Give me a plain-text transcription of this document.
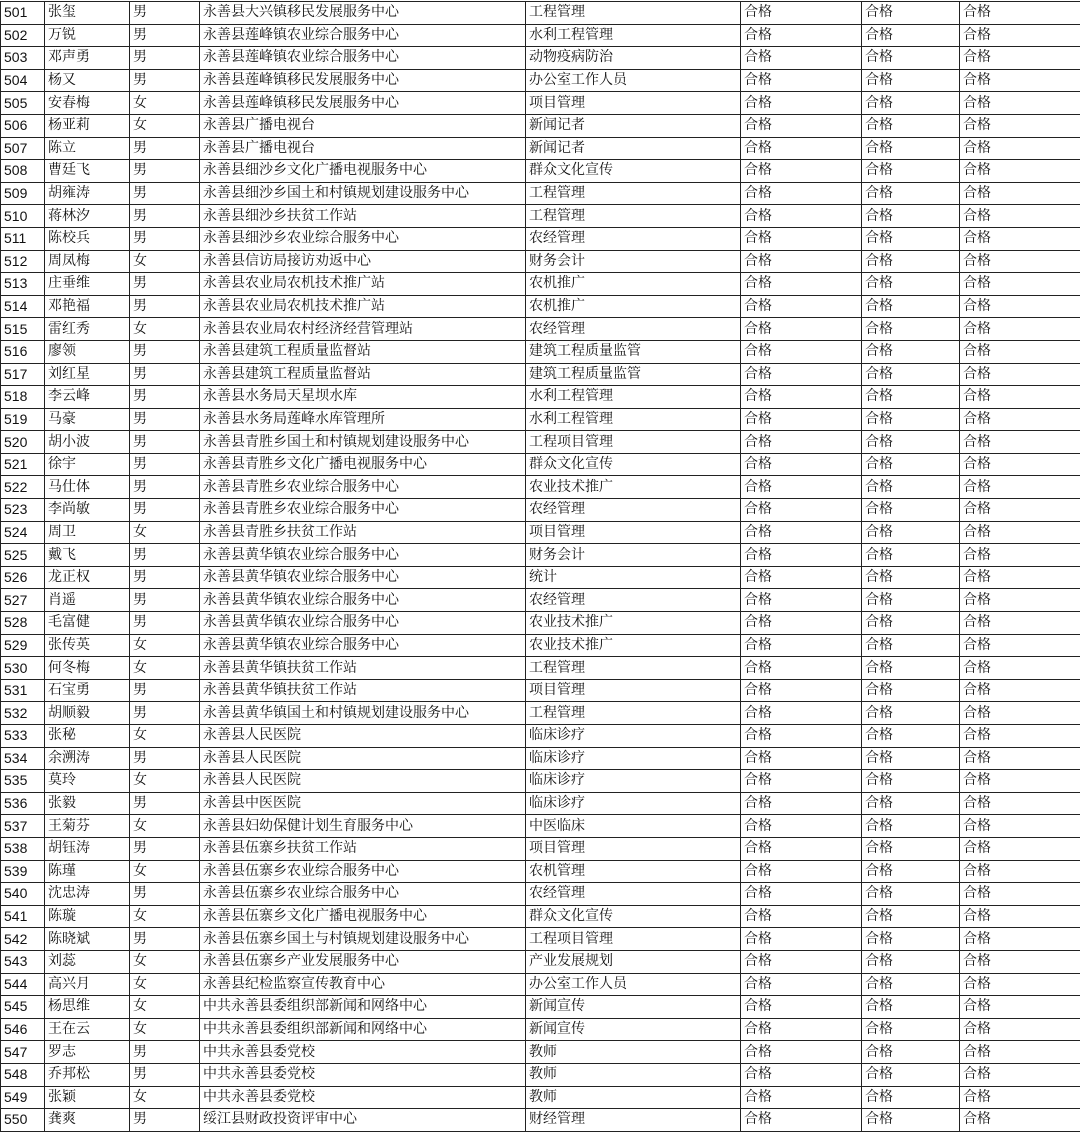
501	张玺	男	永善县大兴镇移民发展服务中心	工程管理	合格	合格	合格
502	万锐	男	永善县莲峰镇农业综合服务中心	水利工程管理	合格	合格	合格
503	邓声勇	男	永善县莲峰镇农业综合服务中心	动物疫病防治	合格	合格	合格
504	杨又	男	永善县莲峰镇移民发展服务中心	办公室工作人员	合格	合格	合格
505	安春梅	女	永善县莲峰镇移民发展服务中心	项目管理	合格	合格	合格
506	杨亚莉	女	永善县广播电视台	新闻记者	合格	合格	合格
507	陈立	男	永善县广播电视台	新闻记者	合格	合格	合格
508	曹廷飞	男	永善县细沙乡文化广播电视服务中心	群众文化宣传	合格	合格	合格
509	胡雍涛	男	永善县细沙乡国土和村镇规划建设服务中心	工程管理	合格	合格	合格
510	蒋林汐	男	永善县细沙乡扶贫工作站	工程管理	合格	合格	合格
511	陈校兵	男	永善县细沙乡农业综合服务中心	农经管理	合格	合格	合格
512	周凤梅	女	永善县信访局接访劝返中心	财务会计	合格	合格	合格
513	庄垂维	男	永善县农业局农机技术推广站	农机推广	合格	合格	合格
514	邓艳福	男	永善县农业局农机技术推广站	农机推广	合格	合格	合格
515	雷红秀	女	永善县农业局农村经济经营管理站	农经管理	合格	合格	合格
516	廖领	男	永善县建筑工程质量监督站	建筑工程质量监管	合格	合格	合格
517	刘红星	男	永善县建筑工程质量监督站	建筑工程质量监管	合格	合格	合格
518	李云峰	男	永善县水务局天星坝水库	水利工程管理	合格	合格	合格
519	马豪	男	永善县水务局莲峰水库管理所	水利工程管理	合格	合格	合格
520	胡小波	男	永善县青胜乡国土和村镇规划建设服务中心	工程项目管理	合格	合格	合格
521	徐宇	男	永善县青胜乡文化广播电视服务中心	群众文化宣传	合格	合格	合格
522	马仕体	男	永善县青胜乡农业综合服务中心	农业技术推广	合格	合格	合格
523	李尚敏	男	永善县青胜乡农业综合服务中心	农经管理	合格	合格	合格
524	周卫	女	永善县青胜乡扶贫工作站	项目管理	合格	合格	合格
525	戴飞	男	永善县黄华镇农业综合服务中心	财务会计	合格	合格	合格
526	龙正权	男	永善县黄华镇农业综合服务中心	统计	合格	合格	合格
527	肖遥	男	永善县黄华镇农业综合服务中心	农经管理	合格	合格	合格
528	毛富健	男	永善县黄华镇农业综合服务中心	农业技术推广	合格	合格	合格
529	张传英	女	永善县黄华镇农业综合服务中心	农业技术推广	合格	合格	合格
530	何冬梅	女	永善县黄华镇扶贫工作站	工程管理	合格	合格	合格
531	石宝勇	男	永善县黄华镇扶贫工作站	项目管理	合格	合格	合格
532	胡顺毅	男	永善县黄华镇国土和村镇规划建设服务中心	工程管理	合格	合格	合格
533	张秘	女	永善县人民医院	临床诊疗	合格	合格	合格
534	余溯涛	男	永善县人民医院	临床诊疗	合格	合格	合格
535	莫玲	女	永善县人民医院	临床诊疗	合格	合格	合格
536	张毅	男	永善县中医医院	临床诊疗	合格	合格	合格
537	王菊芬	女	永善县妇幼保健计划生育服务中心	中医临床	合格	合格	合格
538	胡钰涛	男	永善县伍寨乡扶贫工作站	项目管理	合格	合格	合格
539	陈瑾	女	永善县伍寨乡农业综合服务中心	农机管理	合格	合格	合格
540	沈忠涛	男	永善县伍寨乡农业综合服务中心	农经管理	合格	合格	合格
541	陈璇	女	永善县伍寨乡文化广播电视服务中心	群众文化宣传	合格	合格	合格
542	陈晓斌	男	永善县伍寨乡国土与村镇规划建设服务中心	工程项目管理	合格	合格	合格
543	刘蕊	女	永善县伍寨乡产业发展服务中心	产业发展规划	合格	合格	合格
544	高兴月	女	永善县纪检监察宣传教育中心	办公室工作人员	合格	合格	合格
545	杨思维	女	中共永善县委组织部新闻和网络中心	新闻宣传	合格	合格	合格
546	王在云	女	中共永善县委组织部新闻和网络中心	新闻宣传	合格	合格	合格
547	罗志	男	中共永善县委党校	教师	合格	合格	合格
548	乔邦松	男	中共永善县委党校	教师	合格	合格	合格
549	张颖	女	中共永善县委党校	教师	合格	合格	合格
550	龚爽	男	绥江县财政投资评审中心	财经管理	合格	合格	合格
